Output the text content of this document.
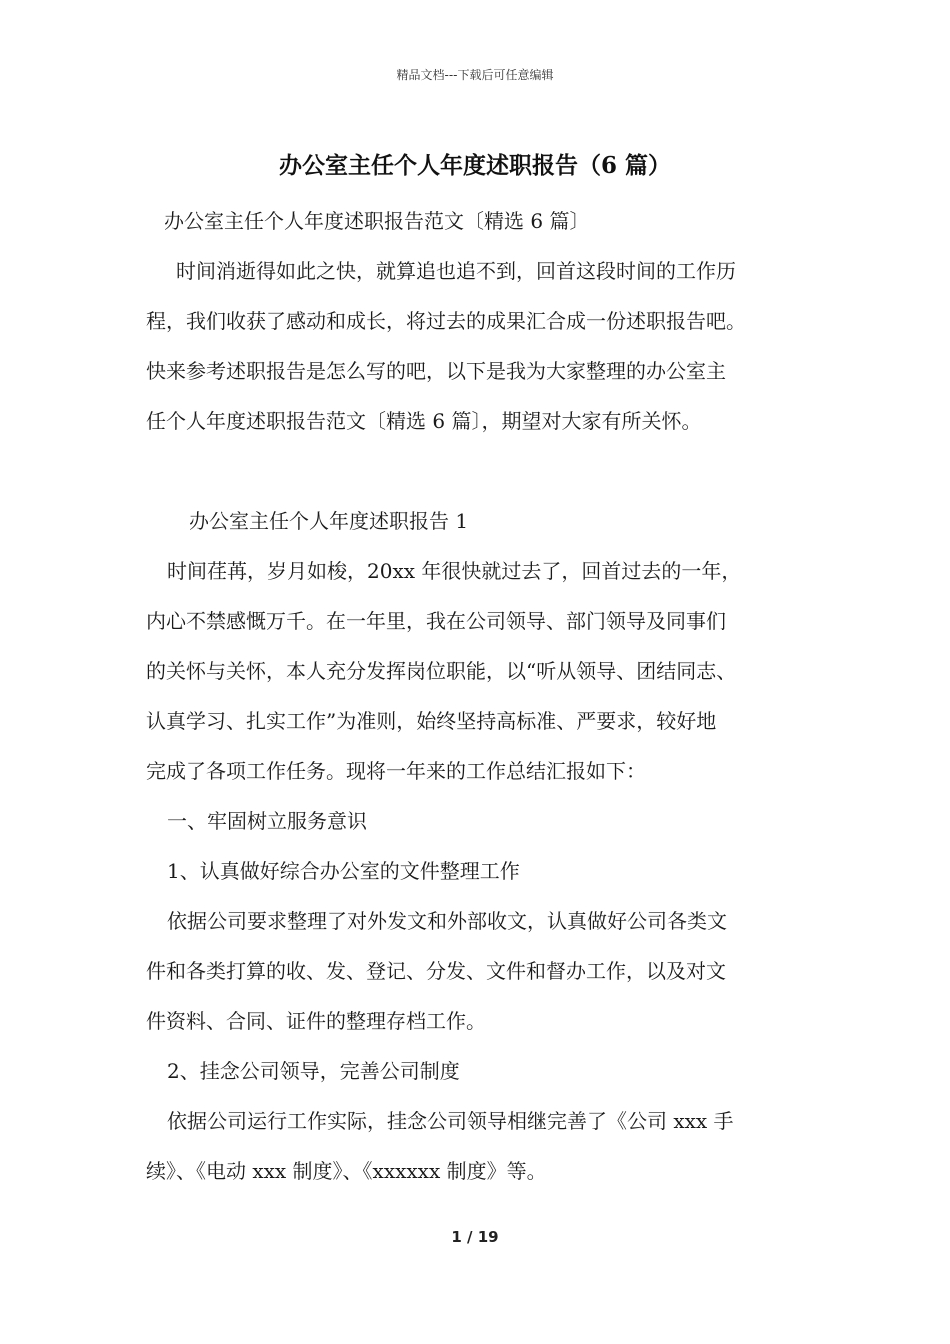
精品文档---下载后可任意编辑
办公室主任个人年度述职报告（6 篇）
办公室主任个人年度述职报告范文〔精选 6 篇〕
时间消逝得如此之快，就算追也追不到，回首这段时间的工作历
程，我们收获了感动和成长，将过去的成果汇合成一份述职报告吧。
快来参考述职报告是怎么写的吧，以下是我为大家整理的办公室主
任个人年度述职报告范文〔精选 6 篇〕，期望对大家有所关怀。
办公室主任个人年度述职报告 1
时间荏苒，岁月如梭，20xx 年很快就过去了，回首过去的一年，
内心不禁感慨万千。在一年里，我在公司领导、部门领导及同事们
的关怀与关怀，本人充分发挥岗位职能，以“听从领导、团结同志、
认真学习、扎实工作”为准则，始终坚持高标准、严要求，较好地
完成了各项工作任务。现将一年来的工作总结汇报如下：
一、牢固树立服务意识
1、认真做好综合办公室的文件整理工作
依据公司要求整理了对外发文和外部收文，认真做好公司各类文
件和各类打算的收、发、登记、分发、文件和督办工作，以及对文
件资料、合同、证件的整理存档工作。
2、挂念公司领导，完善公司制度
依据公司运行工作实际，挂念公司领导相继完善了《公司 xxx 手
续》、《电动 xxx 制度》、《xxxxxx 制度》等。
1 / 19
